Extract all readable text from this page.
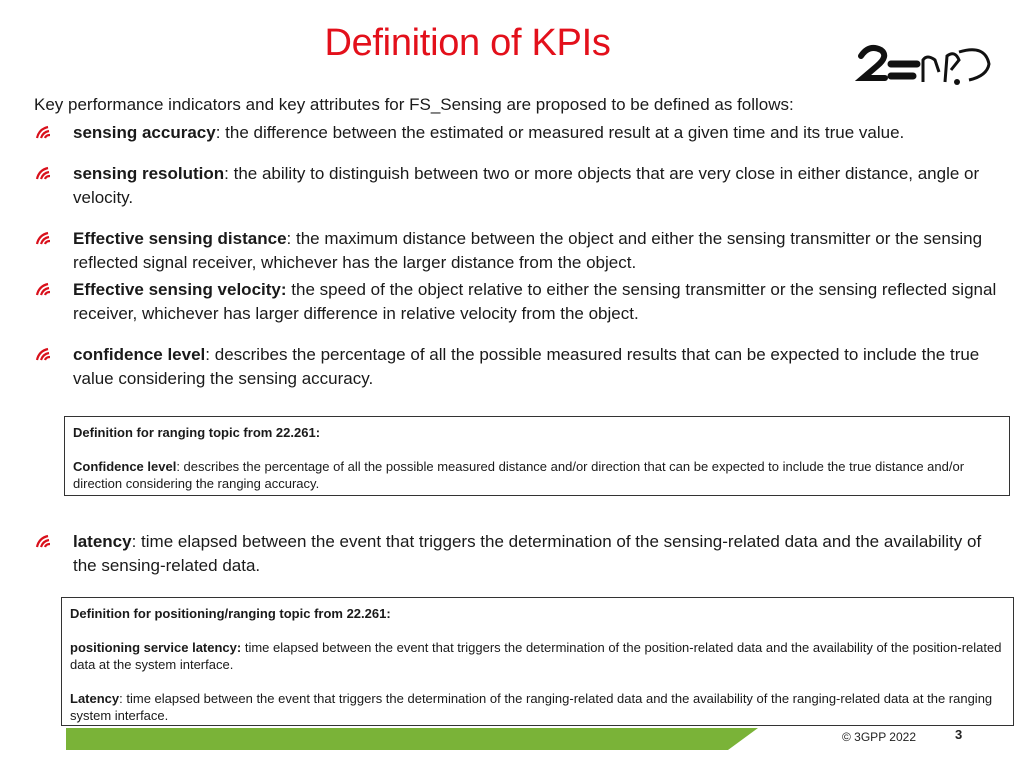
Definition of KPIs
Key performance indicators and key attributes for FS_Sensing are proposed to be defined as follows:
sensing accuracy: the difference between the estimated or measured result at a given time and its true value.
sensing resolution: the ability to distinguish between two or more objects that are very close in either distance, angle or velocity.
Effective sensing distance: the maximum distance between the object and either the sensing transmitter or the sensing reflected signal receiver, whichever has the larger distance from the object.
Effective sensing velocity: the speed of the object relative to either the sensing transmitter or the sensing reflected signal receiver, whichever has larger difference in relative velocity from the object.
confidence level: describes the percentage of all the possible measured results that can be expected to include the true value considering the sensing accuracy.

Definition for ranging topic from 22.261:

Confidence level: describes the percentage of all the possible measured distance and/or direction that can be expected to include the true distance and/or direction considering the ranging accuracy.

latency: time elapsed between the event that triggers the determination of the sensing-related data and the availability of the sensing-related data.

Definition for positioning/ranging topic from 22.261:

positioning service latency: time elapsed between the event that triggers the determination of the position-related data and the availability of the position-related data at the system interface.

Latency: time elapsed between the event that triggers the determination of the ranging-related data and the availability of the ranging-related data at the ranging system interface.

© 3GPP 2022	3
